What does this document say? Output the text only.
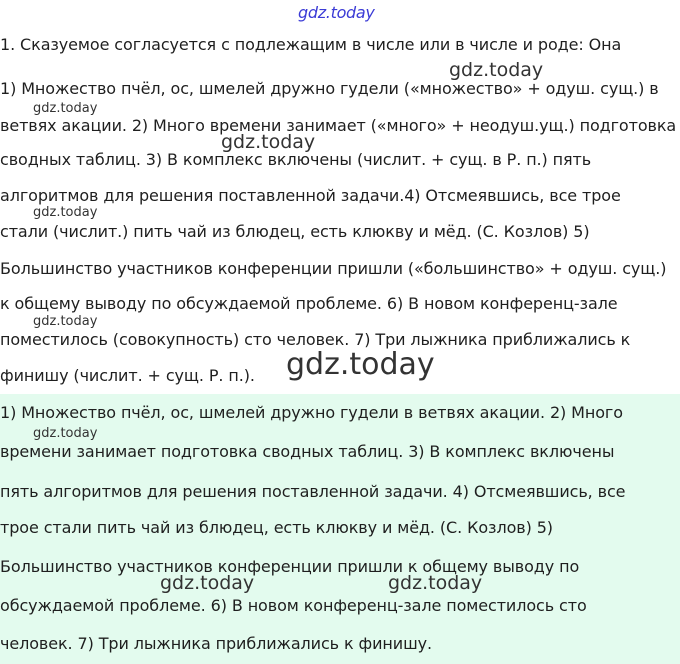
gdz.today
1. Сказуемое согласуется с подлежащим в числе или в числе и роде: Она
1) Множество пчёл, ос, шмелей дружно гудели («множество» + одуш. сущ.) в
ветвях акации. 2) Много времени занимает («много» + неодуш.ущ.) подготовка
сводных таблиц. 3) В комплекс включены (числит. + сущ. в Р. п.) пять
алгоритмов для решения поставленной задачи.4) Отсмеявшись, все трое
стали (числит.) пить чай из блюдец, есть клюкву и мёд. (С. Козлов) 5)
Большинство участников конференции пришли («большинство» + одуш. сущ.)
к общему выводу по обсуждаемой проблеме. 6) В новом конференц-зале
поместилось (совокупность) сто человек. 7) Три лыжника приближались к
финишу (числит. + сущ. Р. п.).
1) Множество пчёл, ос, шмелей дружно гудели в ветвях акации. 2) Много
времени занимает подготовка сводных таблиц. 3) В комплекс включены
пять алгоритмов для решения поставленной задачи. 4) Отсмеявшись, все
трое стали пить чай из блюдец, есть клюкву и мёд. (С. Козлов) 5)
Большинство участников конференции пришли к общему выводу по
обсуждаемой проблеме. 6) В новом конференц-зале поместилось сто
человек. 7) Три лыжника приближались к финишу.
gdz.today
gdz.today
gdz.today
gdz.today
gdz.today
gdz.today
gdz.today
gdz.today	gdz.today
